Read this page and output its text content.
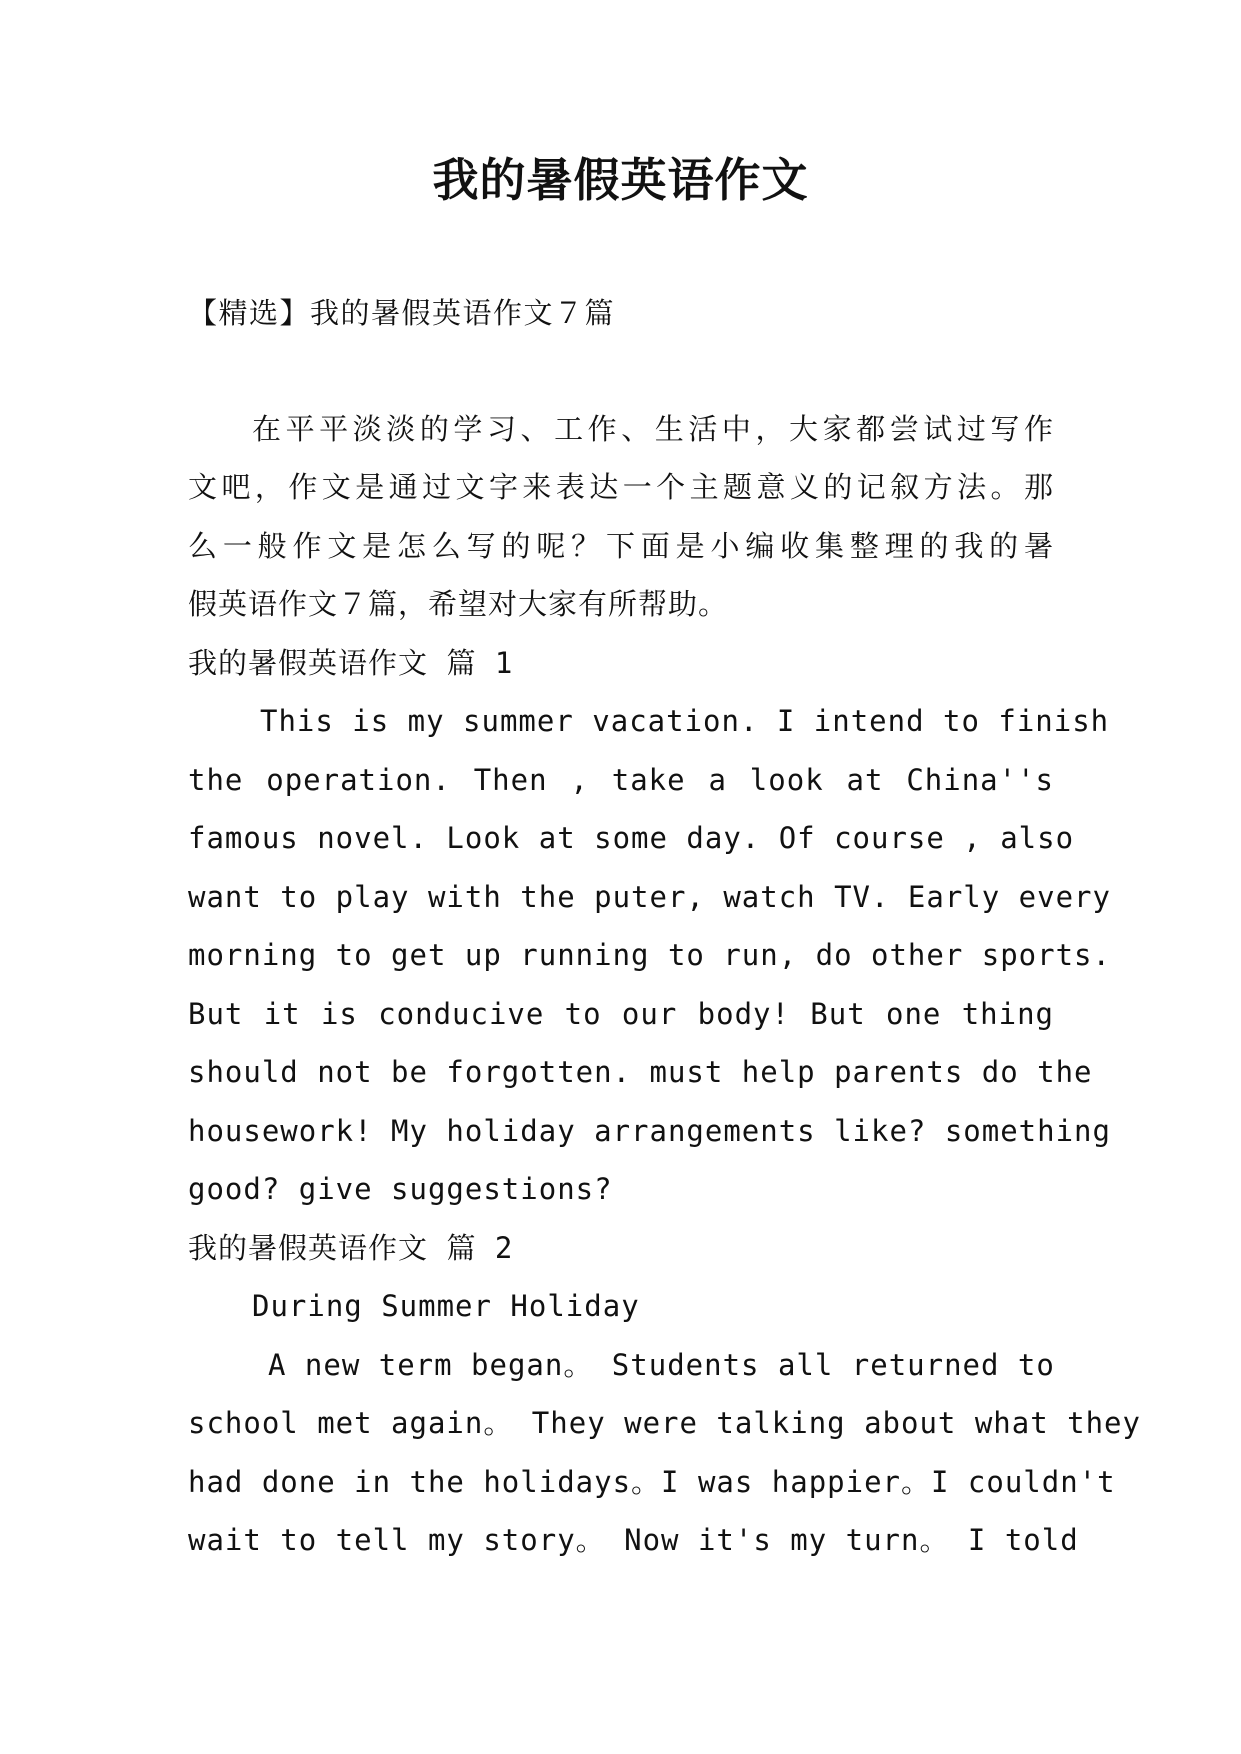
我的暑假英语作文
【精选】我的暑假英语作文７篇
在平平淡淡的学习、工作、生活中，大家都尝试过写作
文吧，作文是通过文字来表达一个主题意义的记叙方法。那
么一般作文是怎么写的呢？下面是小编收集整理的我的暑
假英语作文７篇，希望对大家有所帮助。
我的暑假英语作文 篇 1
This is my summer vacation. I intend to finish
the operation. Then , take a look at China''s
famous novel. Look at some day. Of course , also
want to play with the puter, watch TV. Early every
morning to get up running to run, do other sports.
But it is conducive to our body! But one thing
should not be forgotten. must help parents do the
housework! My holiday arrangements like? something
good? give suggestions?
我的暑假英语作文 篇 2
During Summer Holiday
A new term began。 Students all returned to
school met again。 They were talking about what they
had done in the holidays。I was happier。I couldn't
wait to tell my story。 Now it's my turn。 I told
